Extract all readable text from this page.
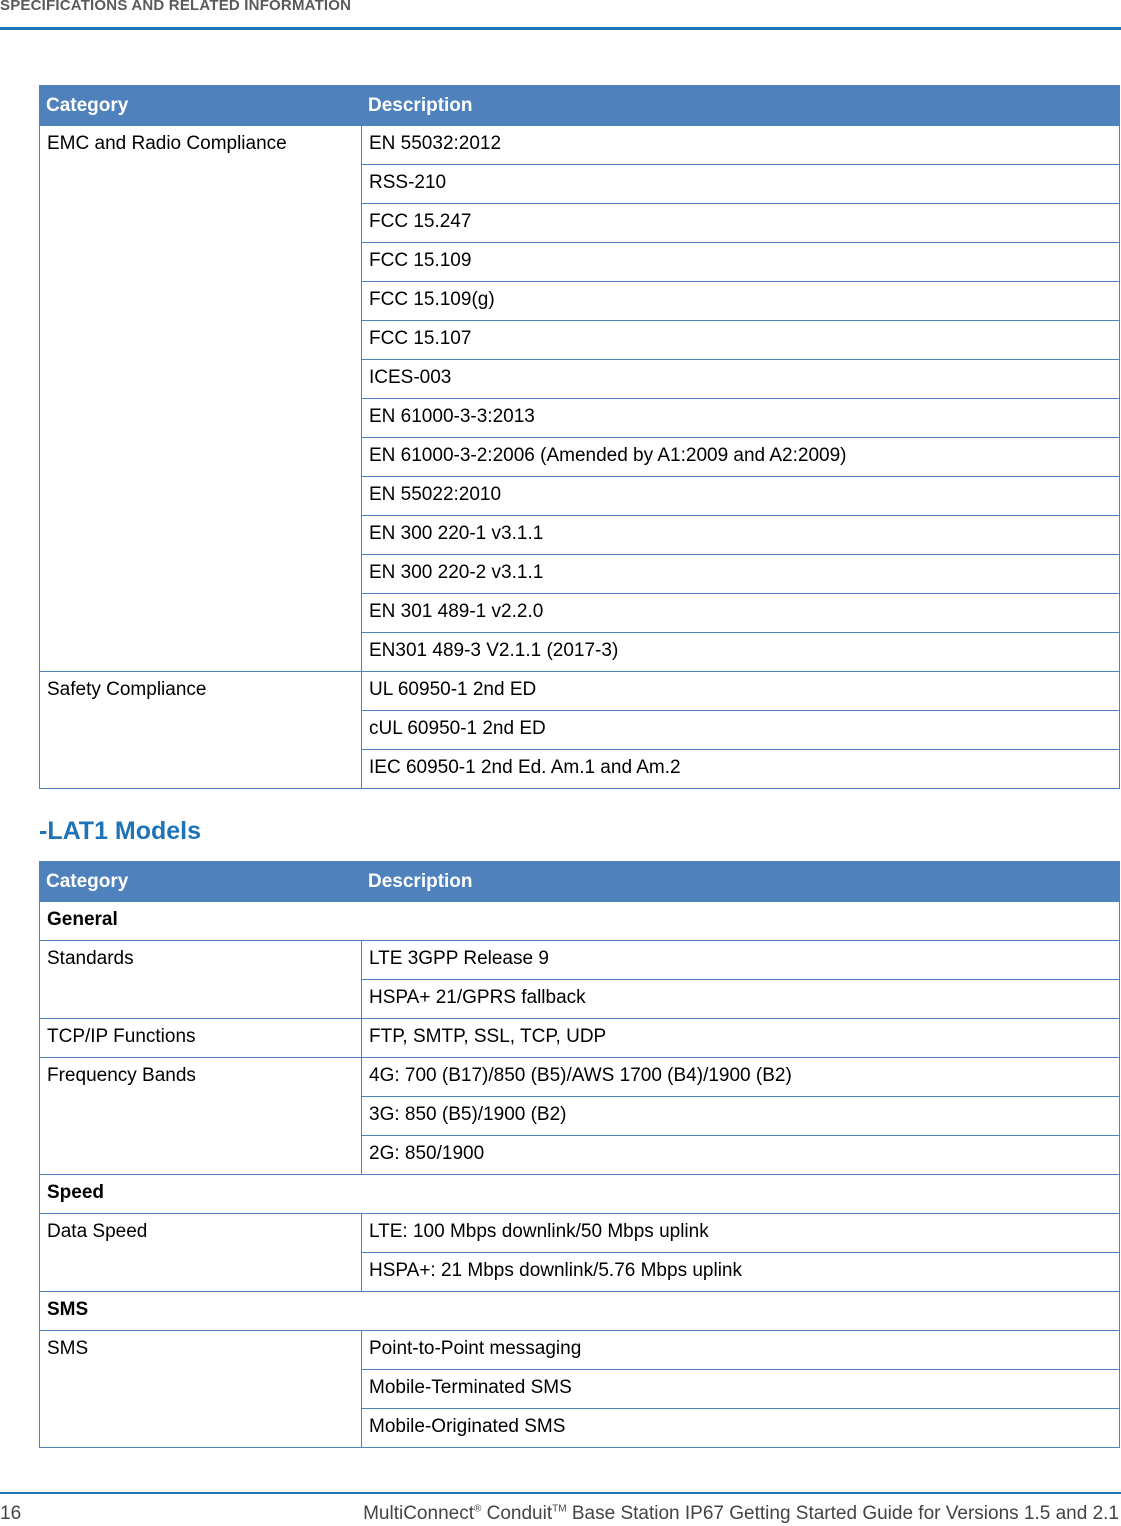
SPECIFICATIONS AND RELATED INFORMATION
Category	Description
EMC and Radio Compliance	EN 55032:2012
	RSS-210
	FCC 15.247
	FCC 15.109
	FCC 15.109(g)
	FCC 15.107
	ICES-003
	EN 61000-3-3:2013
	EN 61000-3-2:2006 (Amended by A1:2009 and A2:2009)
	EN 55022:2010
	EN 300 220-1 v3.1.1
	EN 300 220-2 v3.1.1
	EN 301 489-1 v2.2.0
	EN301 489-3 V2.1.1 (2017-3)
Safety Compliance	UL 60950-1 2nd ED
	cUL 60950-1 2nd ED
	IEC 60950-1 2nd Ed. Am.1 and Am.2
-LAT1 Models
Category	Description
General	
Standards	LTE 3GPP Release 9
	HSPA+ 21/GPRS fallback
TCP/IP Functions	FTP, SMTP, SSL, TCP, UDP
Frequency Bands	4G: 700 (B17)/850 (B5)/AWS 1700 (B4)/1900 (B2)
	3G: 850 (B5)/1900 (B2)
	2G: 850/1900
Speed	
Data Speed	LTE: 100 Mbps downlink/50 Mbps uplink
	HSPA+: 21 Mbps downlink/5.76 Mbps uplink
SMS	
SMS	Point-to-Point messaging
	Mobile-Terminated SMS
	Mobile-Originated SMS
16	MultiConnect® Conduit™ Base Station IP67 Getting Started Guide for Versions 1.5 and 2.1
